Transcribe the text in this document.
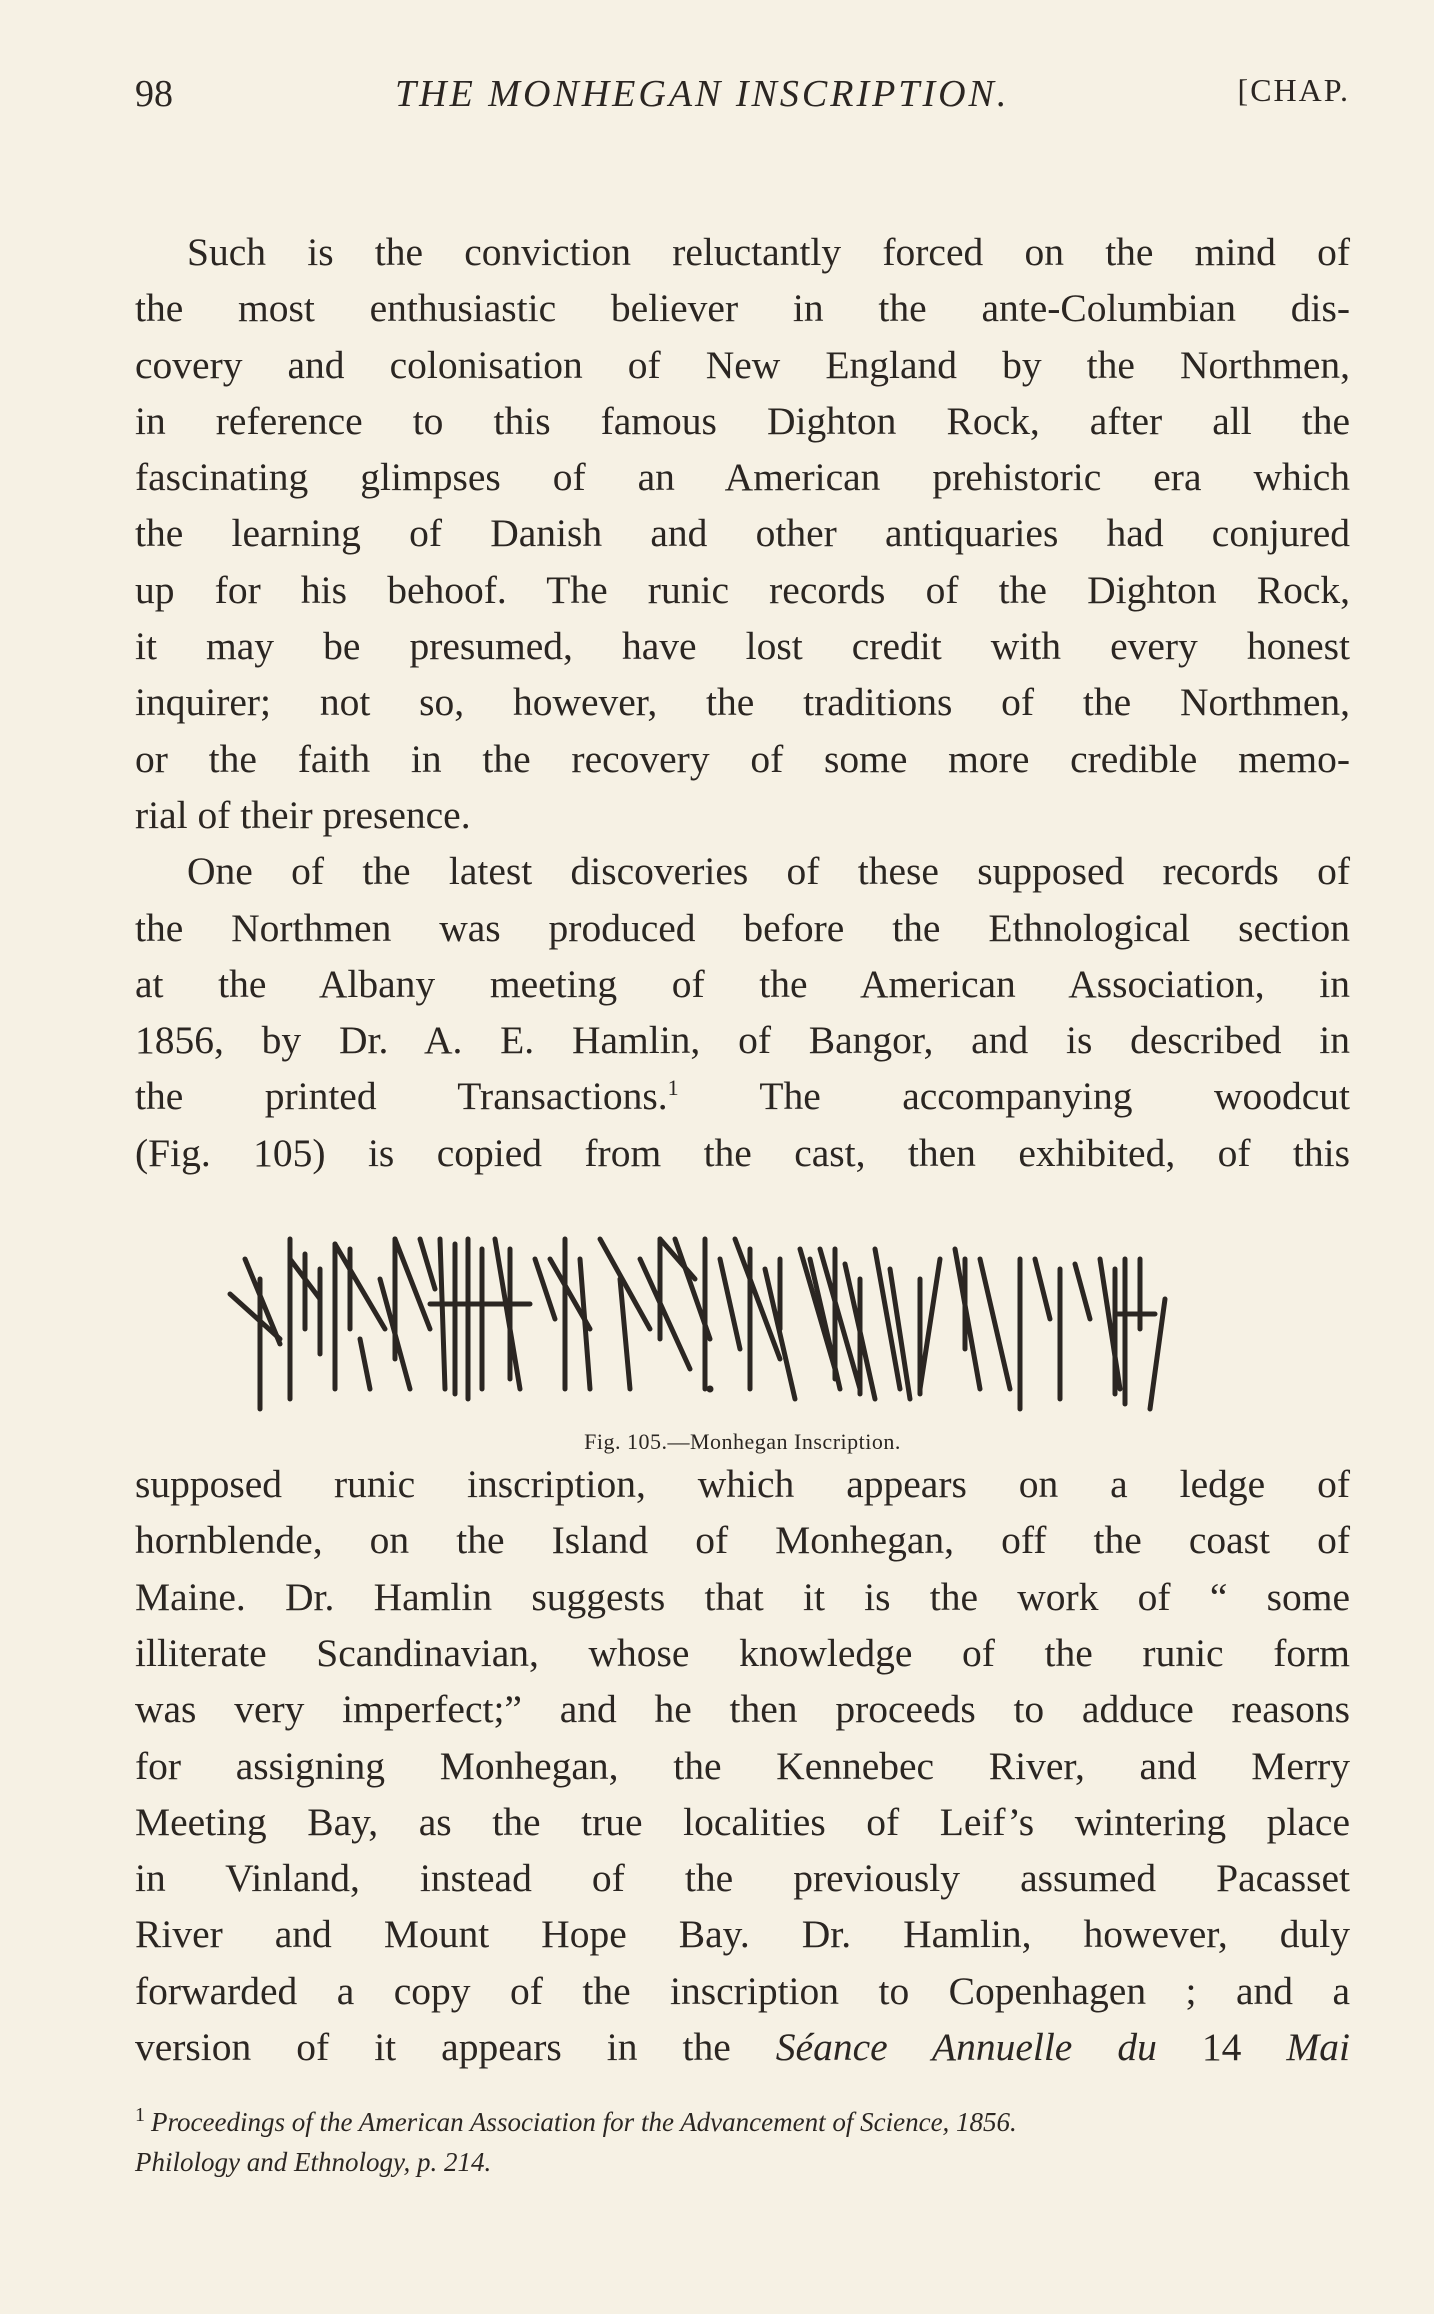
98	THE MONHEGAN INSCRIPTION.	[CHAP.
Such is the conviction reluctantly forced on the mind of
the most enthusiastic believer in the ante-Columbian dis-
covery and colonisation of New England by the Northmen,
in reference to this famous Dighton Rock, after all the
fascinating glimpses of an American prehistoric era which
the learning of Danish and other antiquaries had conjured
up for his behoof. The runic records of the Dighton Rock,
it may be presumed, have lost credit with every honest
inquirer; not so, however, the traditions of the Northmen,
or the faith in the recovery of some more credible memo-
rial of their presence.
One of the latest discoveries of these supposed records of
the Northmen was produced before the Ethnological section
at the Albany meeting of the American Association, in
1856, by Dr. A. E. Hamlin, of Bangor, and is described in
the printed Transactions.$^1$ The accompanying woodcut
(Fig. 105) is copied from the cast, then exhibited, of this
Fig. 105.—Monhegan Inscription.
supposed runic inscription, which appears on a ledge of
hornblende, on the Island of Monhegan, off the coast of
Maine. Dr. Hamlin suggests that it is the work of “ some
illiterate Scandinavian, whose knowledge of the runic form
was very imperfect;” and he then proceeds to adduce reasons
for assigning Monhegan, the Kennebec River, and Merry
Meeting Bay, as the true localities of Leif’s wintering place
in Vinland, instead of the previously assumed Pacasset
River and Mount Hope Bay. Dr. Hamlin, however, duly
forwarded a copy of the inscription to Copenhagen ; and a
version of it appears in the Séance Annuelle du 14 Mai
$^1$ Proceedings of the American Association for the Advancement of Science, 1856.
Philology and Ethnology, p. 214.
